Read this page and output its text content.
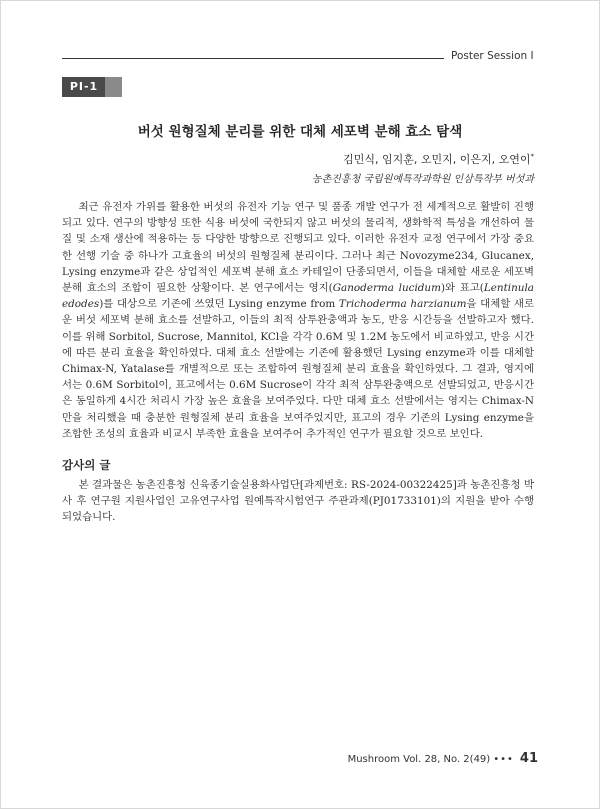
Poster Session Ⅰ
PⅠ-1
버섯 원형질체 분리를 위한 대체 세포벽 분해 효소 탐색
김민식, 임지훈, 오민지, 이은지, 오연이*
농촌진흥청 국립원예특작과학원 인삼특작부 버섯과

최근 유전자 가위를 활용한 버섯의 유전자 기능 연구 및 품종 개발 연구가 전 세계적으로 활발히 진행되고 있다. 연구의 방향성 또한 식용 버섯에 국한되지 않고 버섯의 물리적, 생화학적 특성을 개선하여 물질 및 소재 생산에 적용하는 등 다양한 방향으로 진행되고 있다. 이러한 유전자 교정 연구에서 가장 중요한 선행 기술 중 하나가 고효율의 버섯의 원형질체 분리이다. 그러나 최근 Novozyme234, Glucanex, Lysing enzyme과 같은 상업적인 세포벽 분해 효소 카테일이 단종되면서, 이들을 대체할 새로운 세포벽 분해 효소의 조합이 필요한 상황이다. 본 연구에서는 영지(Ganoderma lucidum)와 표고(Lentinula edodes)를 대상으로 기존에 쓰였던 Lysing enzyme from Trichoderma harzianum을 대체할 새로운 버섯 세포벽 분해 효소를 선발하고, 이들의 최적 삼투완충액과 농도, 반응 시간등을 선발하고자 했다. 이를 위해 Sorbitol, Sucrose, Mannitol, KCl을 각각 0.6M 및 1.2M 농도에서 비교하였고, 반응 시간에 따른 분리 효율을 확인하였다. 대체 효소 선발에는 기존에 활용했던 Lysing enzyme과 이를 대체할 Chimax-N, Yatalase를 개별적으로 또는 조합하여 원형질체 분리 효율을 확인하였다. 그 결과, 영지에서는 0.6M Sorbitol이, 표고에서는 0.6M Sucrose이 각각 최적 삼투완충액으로 선발되었고, 반응시간은 동일하게 4시간 처리시 가장 높은 효율을 보여주었다. 다만 대체 효소 선발에서는 영지는 Chimax-N만을 처리했을 때 충분한 원형질체 분리 효율을 보여주었지만, 표고의 경우 기존의 Lysing enzyme을 조합한 조성의 효율과 비교시 부족한 효율을 보여주어 추가적인 연구가 필요할 것으로 보인다.

감사의 글

본 결과물은 농촌진흥청 신육종기술실용화사업단[과제번호: RS-2024-00322425]과 농촌진흥청 박사 후 연구원 지원사업인 고유연구사업 원예특작시험연구 주관과제(PJ01733101)의 지원을 받아 수행되었습니다.

Mushroom Vol. 28, No. 2(49) ••• 41
